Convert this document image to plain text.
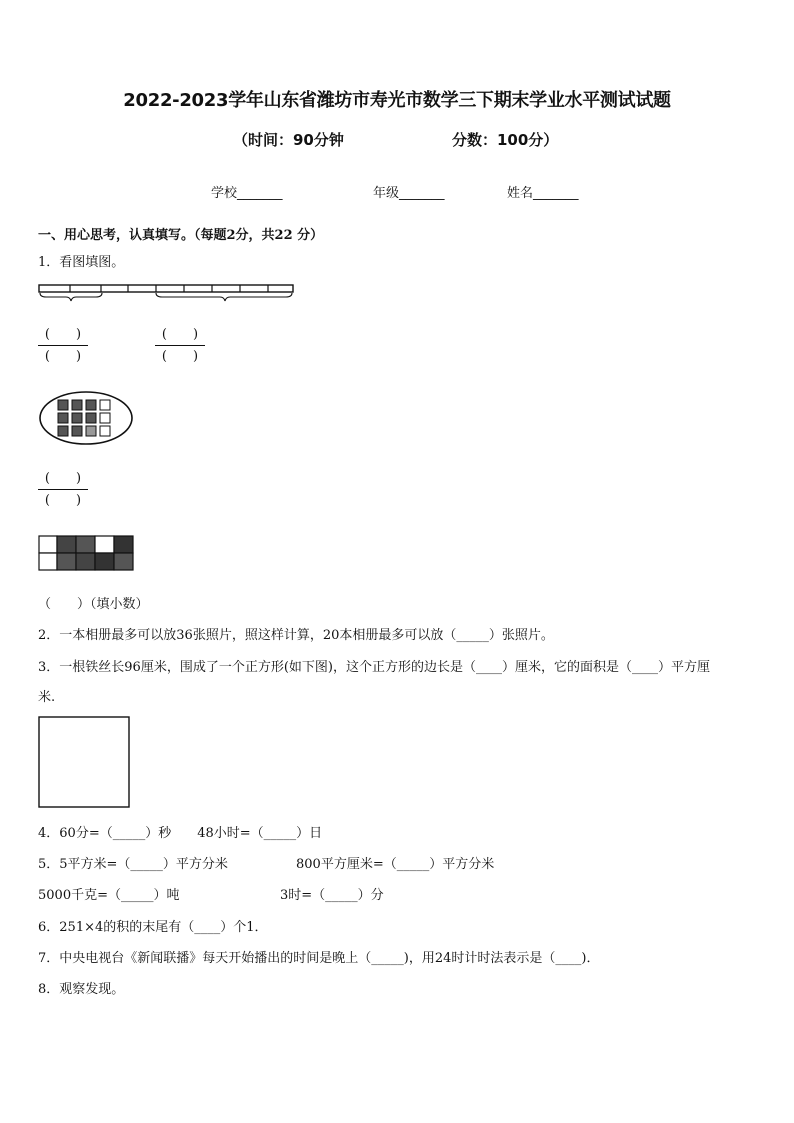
2022-2023学年山东省潍坊市寿光市数学三下期末学业水平测试试题
（时间：90分钟	分数：100分）
学校_______	年级_______	姓名_______
一、用心思考，认真填写。（每题2分，共22 分）
1．看图填图。
(　　)
(　　)
(　　)
(　　)
(　　)
(　　)
（　　）（填小数）
2．一本相册最多可以放36张照片，照这样计算，20本相册最多可以放（_____）张照片。
3．一根铁丝长96厘米，围成了一个正方形(如下图)，这个正方形的边长是（____）厘米，它的面积是（____）平方厘
米.
4．60分=（_____）秒　　48小时=（_____）日
5．5平方米=（_____）平方分米	800平方厘米=（_____）平方分米
5000千克=（_____）吨	3时=（_____）分
6．251×4的积的末尾有（____）个1．
7．中央电视台《新闻联播》每天开始播出的时间是晚上（_____)，用24时计时法表示是（____)．
8．观察发现。
